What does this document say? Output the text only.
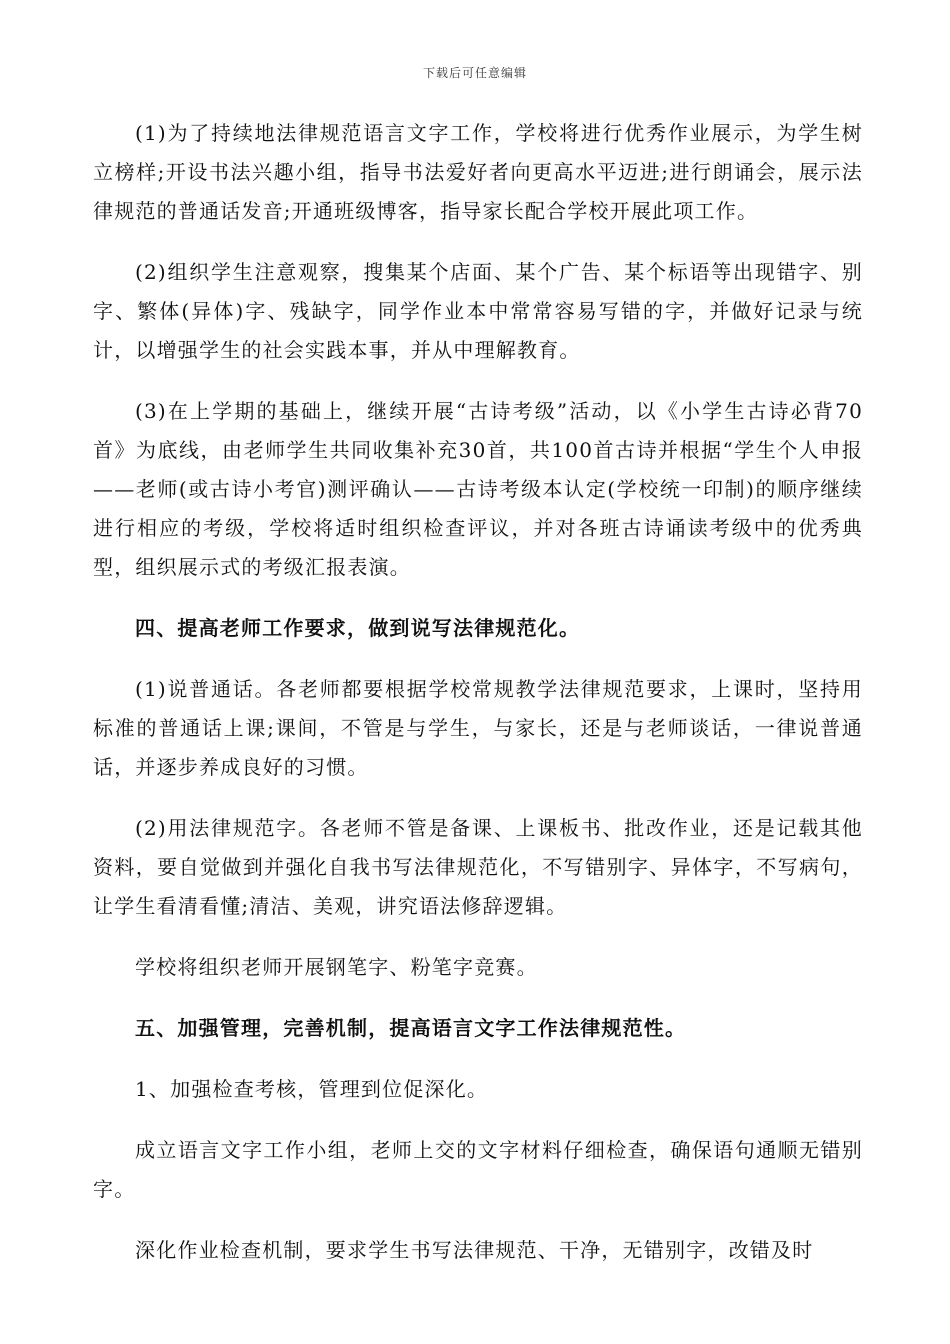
下载后可任意编辑

(1)为了持续地法律规范语言文字工作，学校将进行优秀作业展示，为学生树立榜样;开设书法兴趣小组，指导书法爱好者向更高水平迈进;进行朗诵会，展示法律规范的普通话发音;开通班级博客，指导家长配合学校开展此项工作。

(2)组织学生注意观察，搜集某个店面、某个广告、某个标语等出现错字、别字、繁体(异体)字、残缺字，同学作业本中常常容易写错的字，并做好记录与统计，以增强学生的社会实践本事，并从中理解教育。

(3)在上学期的基础上，继续开展“古诗考级”活动，以《小学生古诗必背70首》为底线，由老师学生共同收集补充30首，共100首古诗并根据“学生个人申报——老师(或古诗小考官)测评确认——古诗考级本认定(学校统一印制)的顺序继续进行相应的考级，学校将适时组织检查评议，并对各班古诗诵读考级中的优秀典型，组织展示式的考级汇报表演。

四、提高老师工作要求，做到说写法律规范化。

(1)说普通话。各老师都要根据学校常规教学法律规范要求，上课时，坚持用标准的普通话上课;课间，不管是与学生，与家长，还是与老师谈话，一律说普通话，并逐步养成良好的习惯。

(2)用法律规范字。各老师不管是备课、上课板书、批改作业，还是记载其他资料，要自觉做到并强化自我书写法律规范化，不写错别字、异体字，不写病句，让学生看清看懂;清洁、美观，讲究语法修辞逻辑。

学校将组织老师开展钢笔字、粉笔字竞赛。

五、加强管理，完善机制，提高语言文字工作法律规范性。

1、加强检查考核，管理到位促深化。

成立语言文字工作小组，老师上交的文字材料仔细检查，确保语句通顺无错别字。

深化作业检查机制，要求学生书写法律规范、干净，无错别字，改错及时
